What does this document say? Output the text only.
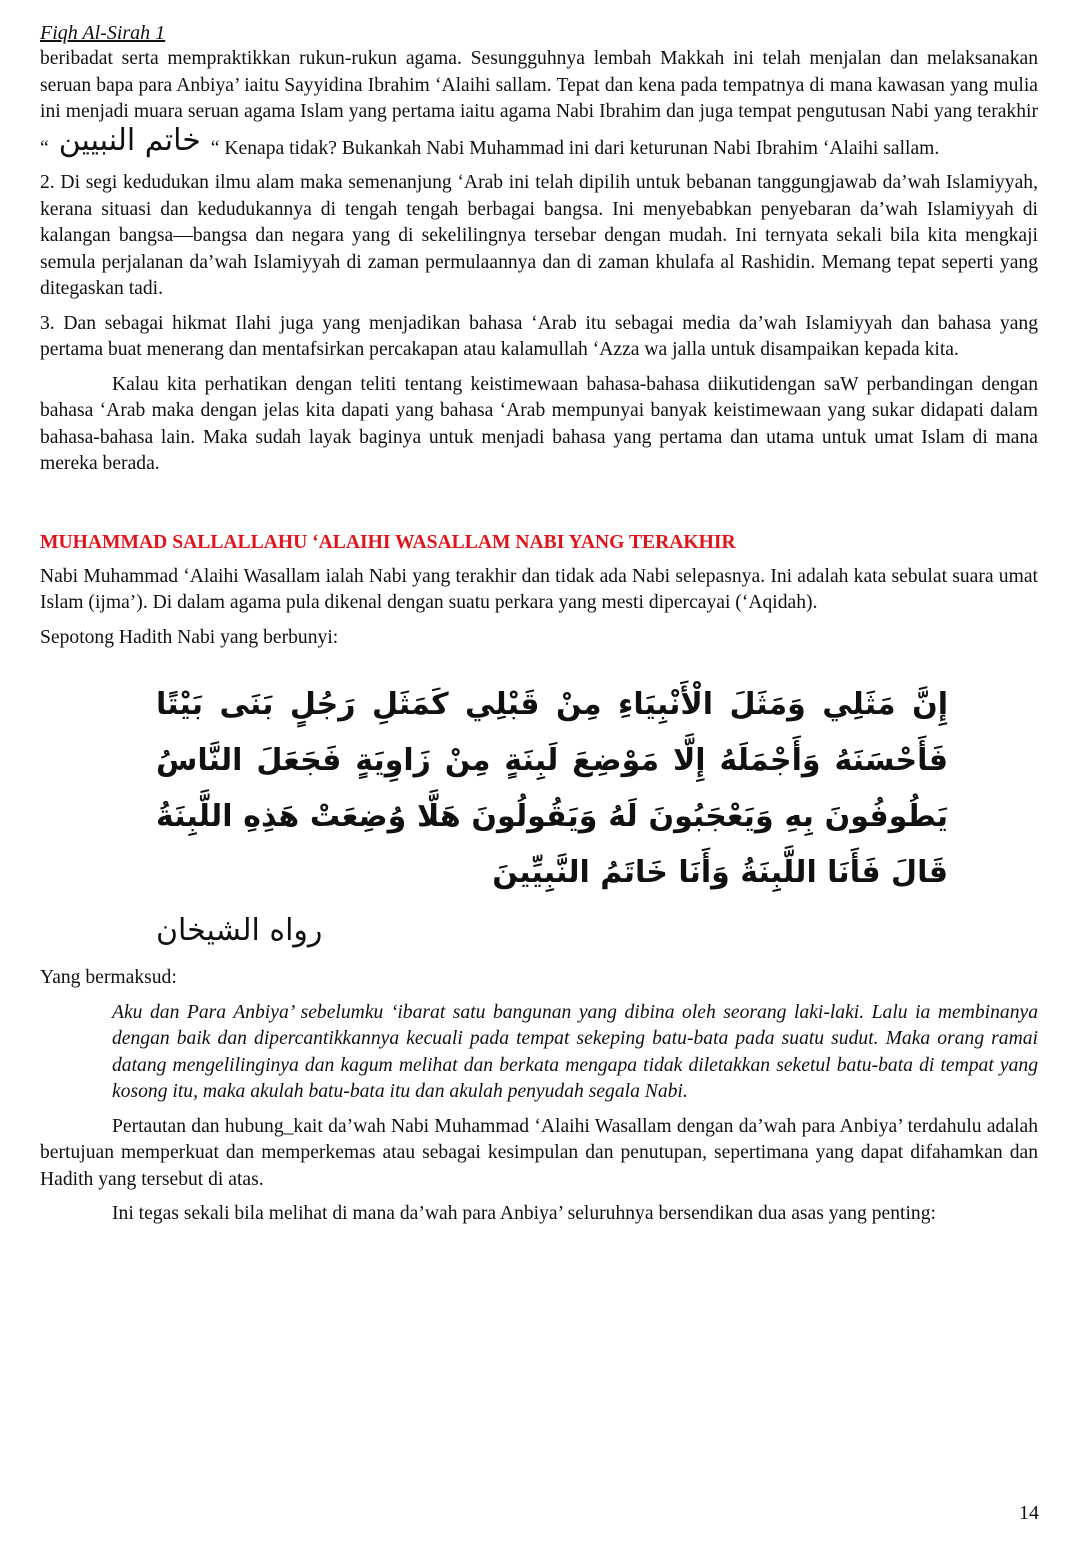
Fiqh Al-Sirah 1

beribadat serta mempraktikkan rukun-rukun agama. Sesungguhnya lembah Makkah ini telah menjalan dan melaksanakan seruan bapa para Anbiya’ iaitu Sayyidina Ibrahim ‘Alaihi sallam. Tepat dan kena pada tempatnya di mana kawasan yang mulia ini menjadi muara seruan agama Islam yang pertama iaitu agama Nabi Ibrahim dan juga tempat pengutusan Nabi yang terakhir “ خاتم النبيين “ Kenapa tidak? Bukankah Nabi Muhammad ini dari keturunan Nabi Ibrahim ‘Alaihi sallam.

2. Di segi kedudukan ilmu alam maka semenanjung ‘Arab ini telah dipilih untuk bebanan tanggungjawab da’wah Islamiyyah, kerana situasi dan kedudukannya di tengah tengah berbagai bangsa. Ini menyebabkan penyebaran da’wah Islamiyyah di kalangan bangsa—bangsa dan negara yang di sekelilingnya tersebar dengan mudah. Ini ternyata sekali bila kita mengkaji semula perjalanan da’wah Islamiyyah di zaman permulaannya dan di zaman khulafa al Rashidin. Memang tepat seperti yang ditegaskan tadi.

3. Dan sebagai hikmat Ilahi juga yang menjadikan bahasa ‘Arab itu sebagai media da’wah Islamiyyah dan bahasa yang pertama buat menerang dan mentafsirkan percakapan atau kalamullah ‘Azza wa jalla untuk disampaikan kepada kita.

Kalau kita perhatikan dengan teliti tentang keistimewaan bahasa-bahasa diikutidengan saW perbandingan dengan bahasa ‘Arab maka dengan jelas kita dapati yang bahasa ‘Arab mempunyai banyak keistimewaan yang sukar didapati dalam bahasa-bahasa lain. Maka sudah layak baginya untuk menjadi bahasa yang pertama dan utama untuk umat Islam di mana mereka berada.

MUHAMMAD SALLALLAHU ‘ALAIHI WASALLAM NABI YANG TERAKHIR

Nabi Muhammad ‘Alaihi Wasallam ialah Nabi yang terakhir dan tidak ada Nabi selepasnya. Ini adalah kata sebulat suara umat Islam (ijma’). Di dalam agama pula dikenal dengan suatu perkara yang mesti dipercayai (‘Aqidah).

Sepotong Hadith Nabi yang berbunyi:

إِنَّ مَثَلِي وَمَثَلَ الْأَنْبِيَاءِ مِنْ قَبْلِي كَمَثَلِ رَجُلٍ بَنَى بَيْتًا فَأَحْسَنَهُ وَأَجْمَلَهُ إِلَّا مَوْضِعَ لَبِنَةٍ مِنْ زَاوِيَةٍ فَجَعَلَ النَّاسُ يَطُوفُونَ بِهِ وَيَعْجَبُونَ لَهُ وَيَقُولُونَ هَلَّا وُضِعَتْ هَذِهِ اللَّبِنَةُ قَالَ فَأَنَا اللَّبِنَةُ وَأَنَا خَاتَمُ النَّبِيِّينَ
رواه الشيخان

Yang bermaksud:

Aku dan Para Anbiya’ sebelumku ‘ibarat satu bangunan yang dibina oleh seorang laki-laki. Lalu ia membinanya dengan baik dan dipercantikkannya kecuali pada tempat sekeping batu-bata pada suatu sudut. Maka orang ramai datang mengelilinginya dan kagum melihat dan berkata mengapa tidak diletakkan seketul batu-bata di tempat yang kosong itu, maka akulah batu-bata itu dan akulah penyudah segala Nabi.

Pertautan dan hubung_kait da’wah Nabi Muhammad ‘Alaihi Wasallam dengan da’wah para Anbiya’ terdahulu adalah bertujuan memperkuat dan memperkemas atau sebagai kesimpulan dan penutupan, sepertimana yang dapat difahamkan dan Hadith yang tersebut di atas.

Ini tegas sekali bila melihat di mana da’wah para Anbiya’ seluruhnya bersendikan dua asas yang penting:

14
